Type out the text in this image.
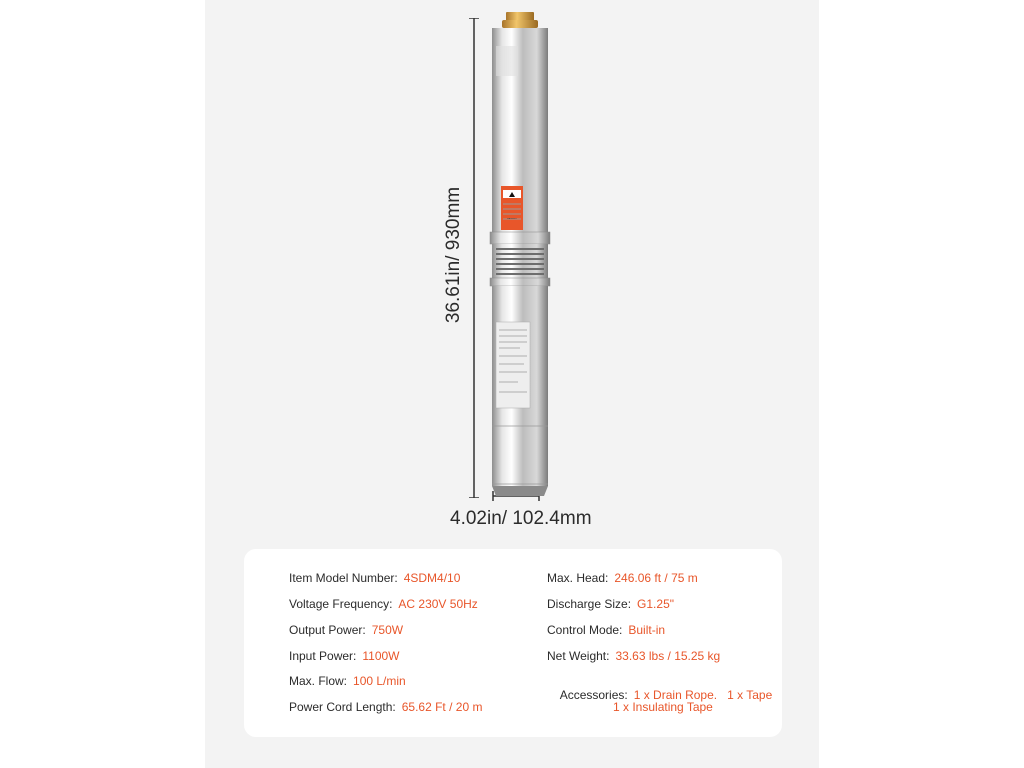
36.61in/ 930mm
4.02in/ 102.4mm
WARNING
Item Model Number: 4SDM4/10
Voltage Frequency: AC 230V 50Hz
Output Power: 750W
Input Power: 1100W
Max. Flow: 100 L/min
Power Cord Length: 65.62 Ft / 20 m
Max. Head: 246.06 ft / 75 m
Discharge Size: G1.25"
Control Mode: Built-in
Net Weight: 33.63 lbs / 15.25 kg

Accessories: 1 x Drain Rope.   1 x Tape

1 x Insulating Tape
